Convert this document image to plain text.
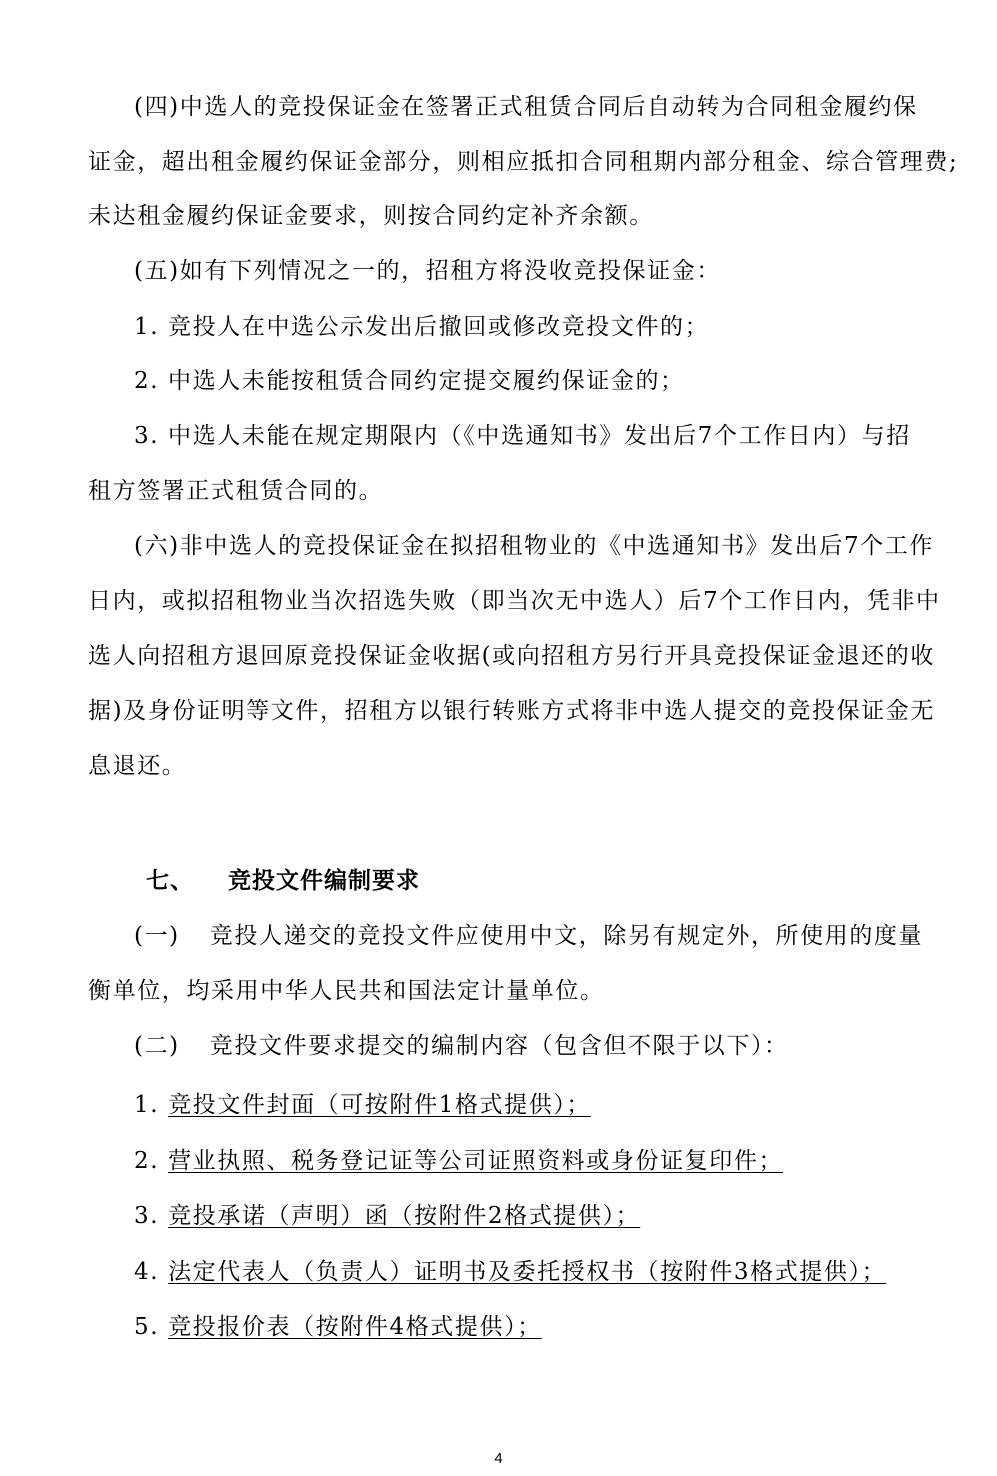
(四)中选人的竞投保证金在签署正式租赁合同后自动转为合同租金履约保
证金，超出租金履约保证金部分，则相应抵扣合同租期内部分租金、综合管理费;
未达租金履约保证金要求，则按合同约定补齐余额。
(五)如有下列情况之一的，招租方将没收竞投保证金：
1. 竞投人在中选公示发出后撤回或修改竞投文件的；
2. 中选人未能按租赁合同约定提交履约保证金的；
3. 中选人未能在规定期限内（《中选通知书》发出后7个工作日内）与招
租方签署正式租赁合同的。
(六)非中选人的竞投保证金在拟招租物业的《中选通知书》发出后7个工作
日内，或拟招租物业当次招选失败（即当次无中选人）后7个工作日内，凭非中
选人向招租方退回原竞投保证金收据(或向招租方另行开具竞投保证金退还的收
据)及身份证明等文件，招租方以银行转账方式将非中选人提交的竞投保证金无
息退还。
七、 竞投文件编制要求
(一) 竞投人递交的竞投文件应使用中文，除另有规定外，所使用的度量
衡单位，均采用中华人民共和国法定计量单位。
(二) 竞投文件要求提交的编制内容（包含但不限于以下）：
1. 竞投文件封面（可按附件1格式提供）；
2. 营业执照、税务登记证等公司证照资料或身份证复印件；
3. 竞投承诺（声明）函（按附件2格式提供）；
4. 法定代表人（负责人）证明书及委托授权书（按附件3格式提供）；
5. 竞投报价表（按附件4格式提供）；
4
